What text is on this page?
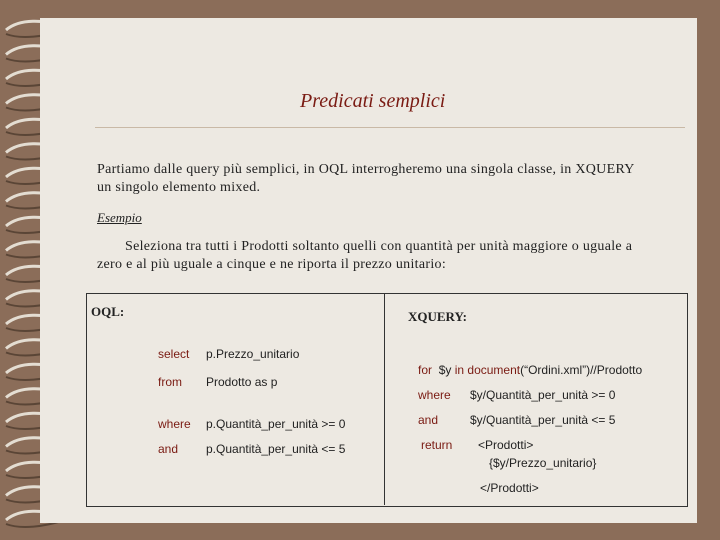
Predicati semplici
Partiamo dalle query più semplici, in OQL interrogheremo una singola classe, in XQUERY
un singolo elemento mixed.
Esempio
Seleziona tra tutti i Prodotti soltanto quelli con quantità per unità maggiore o uguale a
zero e al più uguale a cinque e ne riporta il prezzo unitario:
OQL:	XQUERY:
select p.Prezzo_unitario
from Prodotto as p
where p.Quantità_per_unità >= 0
and p.Quantità_per_unità <= 5
for $y in document(“Ordini.xml”)//Prodotto
where $y/Quantità_per_unità >= 0
and	$y/Quantità_per_unità <= 5
return <Prodotti>
{$y/Prezzo_unitario}
</Prodotti>
